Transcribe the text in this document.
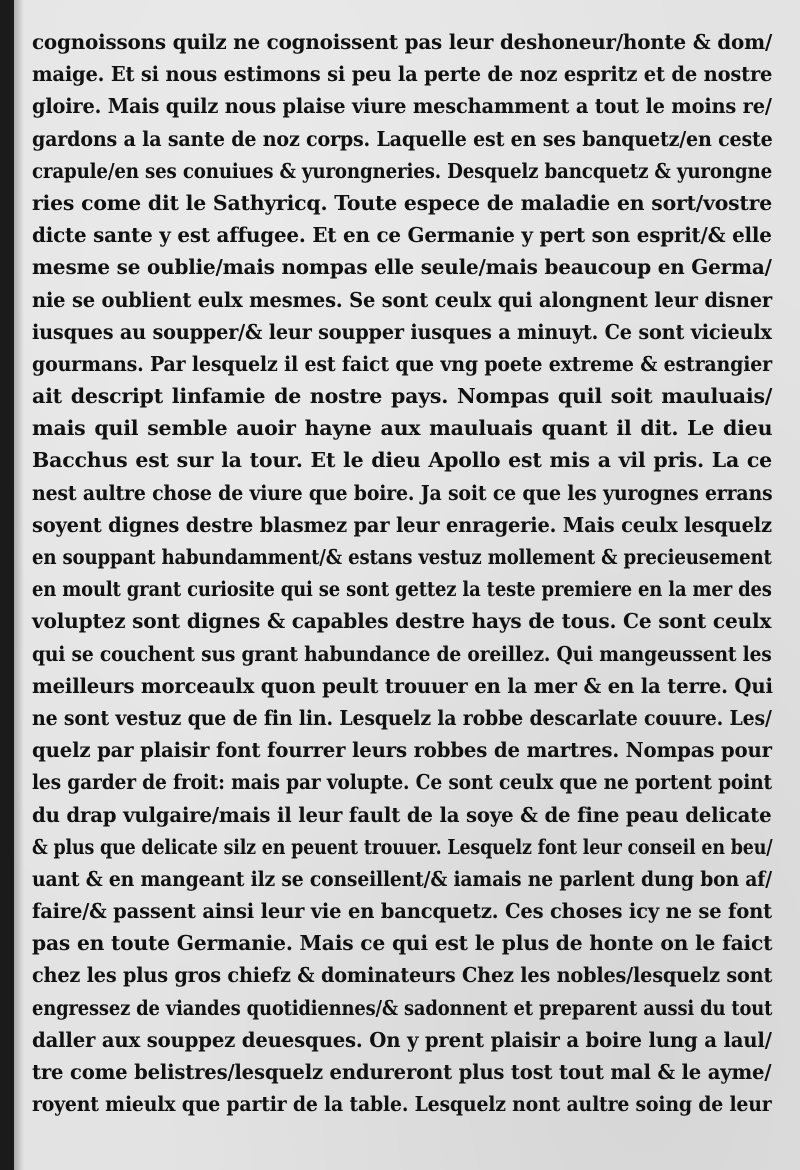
cognoissons quilz ne cognoissent pas leur deshoneur/honte & dom/
maige. Et si nous estimons si peu la perte de noz espritz et de nostre
gloire. Mais quilz nous plaise viure meschamment a tout le moins re/
gardons a la sante de noz corps. Laquelle est en ses banquetz/en ceste
crapule/en ses conuiues & yurongneries. Desquelz bancquetz & yurongne
ries come dit le Sathyricq. Toute espece de maladie en sort/vostre
dicte sante y est affugee. Et en ce Germanie y pert son esprit/& elle
mesme se oublie/mais nompas elle seule/mais beaucoup en Germa/
nie se oublient eulx mesmes. Se sont ceulx qui alongnent leur disner
iusques au soupper/& leur soupper iusques a minuyt. Ce sont vicieulx
gourmans. Par lesquelz il est faict que vng poete extreme & estrangier
ait descript linfamie de nostre pays. Nompas quil soit mauluais/
mais quil semble auoir hayne aux mauluais quant il dit. Le dieu
Bacchus est sur la tour. Et le dieu Apollo est mis a vil pris. La ce
nest aultre chose de viure que boire. Ja soit ce que les yurognes errans
soyent dignes destre blasmez par leur enragerie. Mais ceulx lesquelz
en souppant habundamment/& estans vestuz mollement & precieusement
en moult grant curiosite qui se sont gettez la teste premiere en la mer des
voluptez sont dignes & capables destre hays de tous. Ce sont ceulx
qui se couchent sus grant habundance de oreillez. Qui mangeussent les
meilleurs morceaulx quon peult trouuer en la mer & en la terre. Qui
ne sont vestuz que de fin lin. Lesquelz la robbe descarlate couure. Les/
quelz par plaisir font fourrer leurs robbes de martres. Nompas pour
les garder de froit: mais par volupte. Ce sont ceulx que ne portent point
du drap vulgaire/mais il leur fault de la soye & de fine peau delicate
& plus que delicate silz en peuent trouuer. Lesquelz font leur conseil en beu/
uant & en mangeant ilz se conseillent/& iamais ne parlent dung bon af/
faire/& passent ainsi leur vie en bancquetz. Ces choses icy ne se font
pas en toute Germanie. Mais ce qui est le plus de honte on le faict
chez les plus gros chiefz & dominateurs Chez les nobles/lesquelz sont
engressez de viandes quotidiennes/& sadonnent et preparent aussi du tout
daller aux souppez deuesques. On y prent plaisir a boire lung a laul/
tre come belistres/lesquelz endureront plus tost tout mal & le ayme/
royent mieulx que partir de la table. Lesquelz nont aultre soing de leur
